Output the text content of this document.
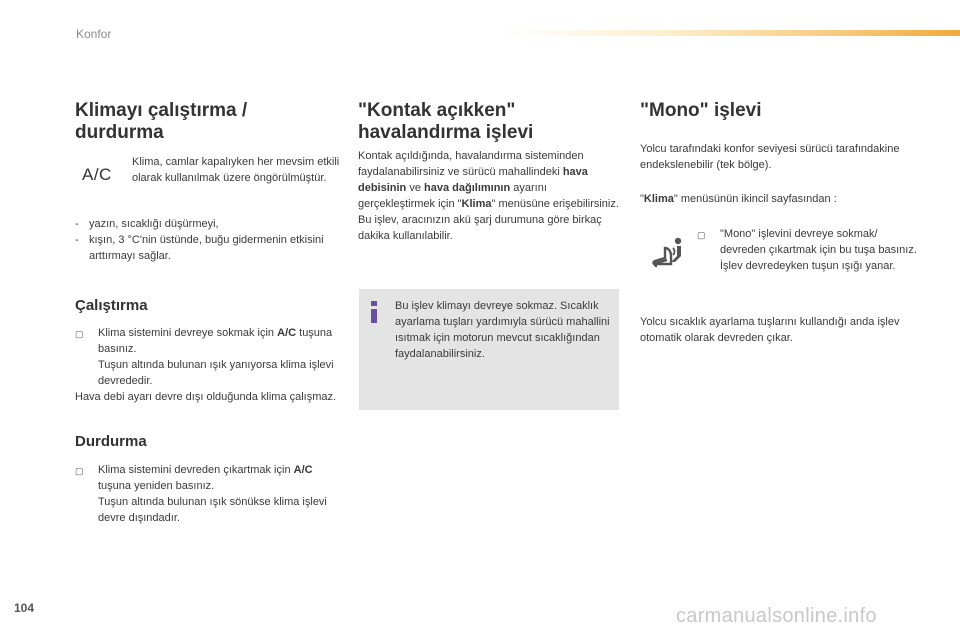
Konfor
Klimayı çalıştırma / durdurma
A/C

Klima, camlar kapalıyken her mevsim etkili olarak kullanılmak üzere öngörülmüştür.

- yazın, sıcaklığı düşürmeyi,
- kışın, 3 °C'nin üstünde, buğu gidermenin etkisini arttırmayı sağlar.
Çalıştırma
▢ Klima sistemini devreye sokmak için A/C tuşuna basınız.
Tuşun altında bulunan ışık yanıyorsa klima işlevi devrededir.

Hava debi ayarı devre dışı olduğunda klima çalışmaz.

Durdurma
▢ Klima sistemini devreden çıkartmak için A/C tuşuna yeniden basınız.
Tuşun altında bulunan ışık sönükse klima işlevi devre dışındadır.
"Kontak açıkken" havalandırma işlevi

Kontak açıldığında, havalandırma sisteminden faydalanabilirsiniz ve sürücü mahallindeki hava debisinin ve hava dağılımının ayarını gerçekleştirmek için "Klima" menüsüne erişebilirsiniz.
Bu işlev, aracınızın akü şarj durumuna göre birkaç dakika kullanılabilir.

Bu işlev klimayı devreye sokmaz. Sıcaklık ayarlama tuşları yardımıyla sürücü mahallini ısıtmak için motorun mevcut sıcaklığından faydalanabilirsiniz.

"Mono" işlevi

Yolcu tarafındaki konfor seviyesi sürücü tarafındakine endekslenebilir (tek bölge).

"Klima" menüsünün ikincil sayfasından :

▢ "Mono" işlevini devreye sokmak/ devreden çıkartmak için bu tuşa basınız.
İşlev devredeyken tuşun ışığı yanar.

Yolcu sıcaklık ayarlama tuşlarını kullandığı anda işlev otomatik olarak devreden çıkar.

104	carmanualsonline.info
